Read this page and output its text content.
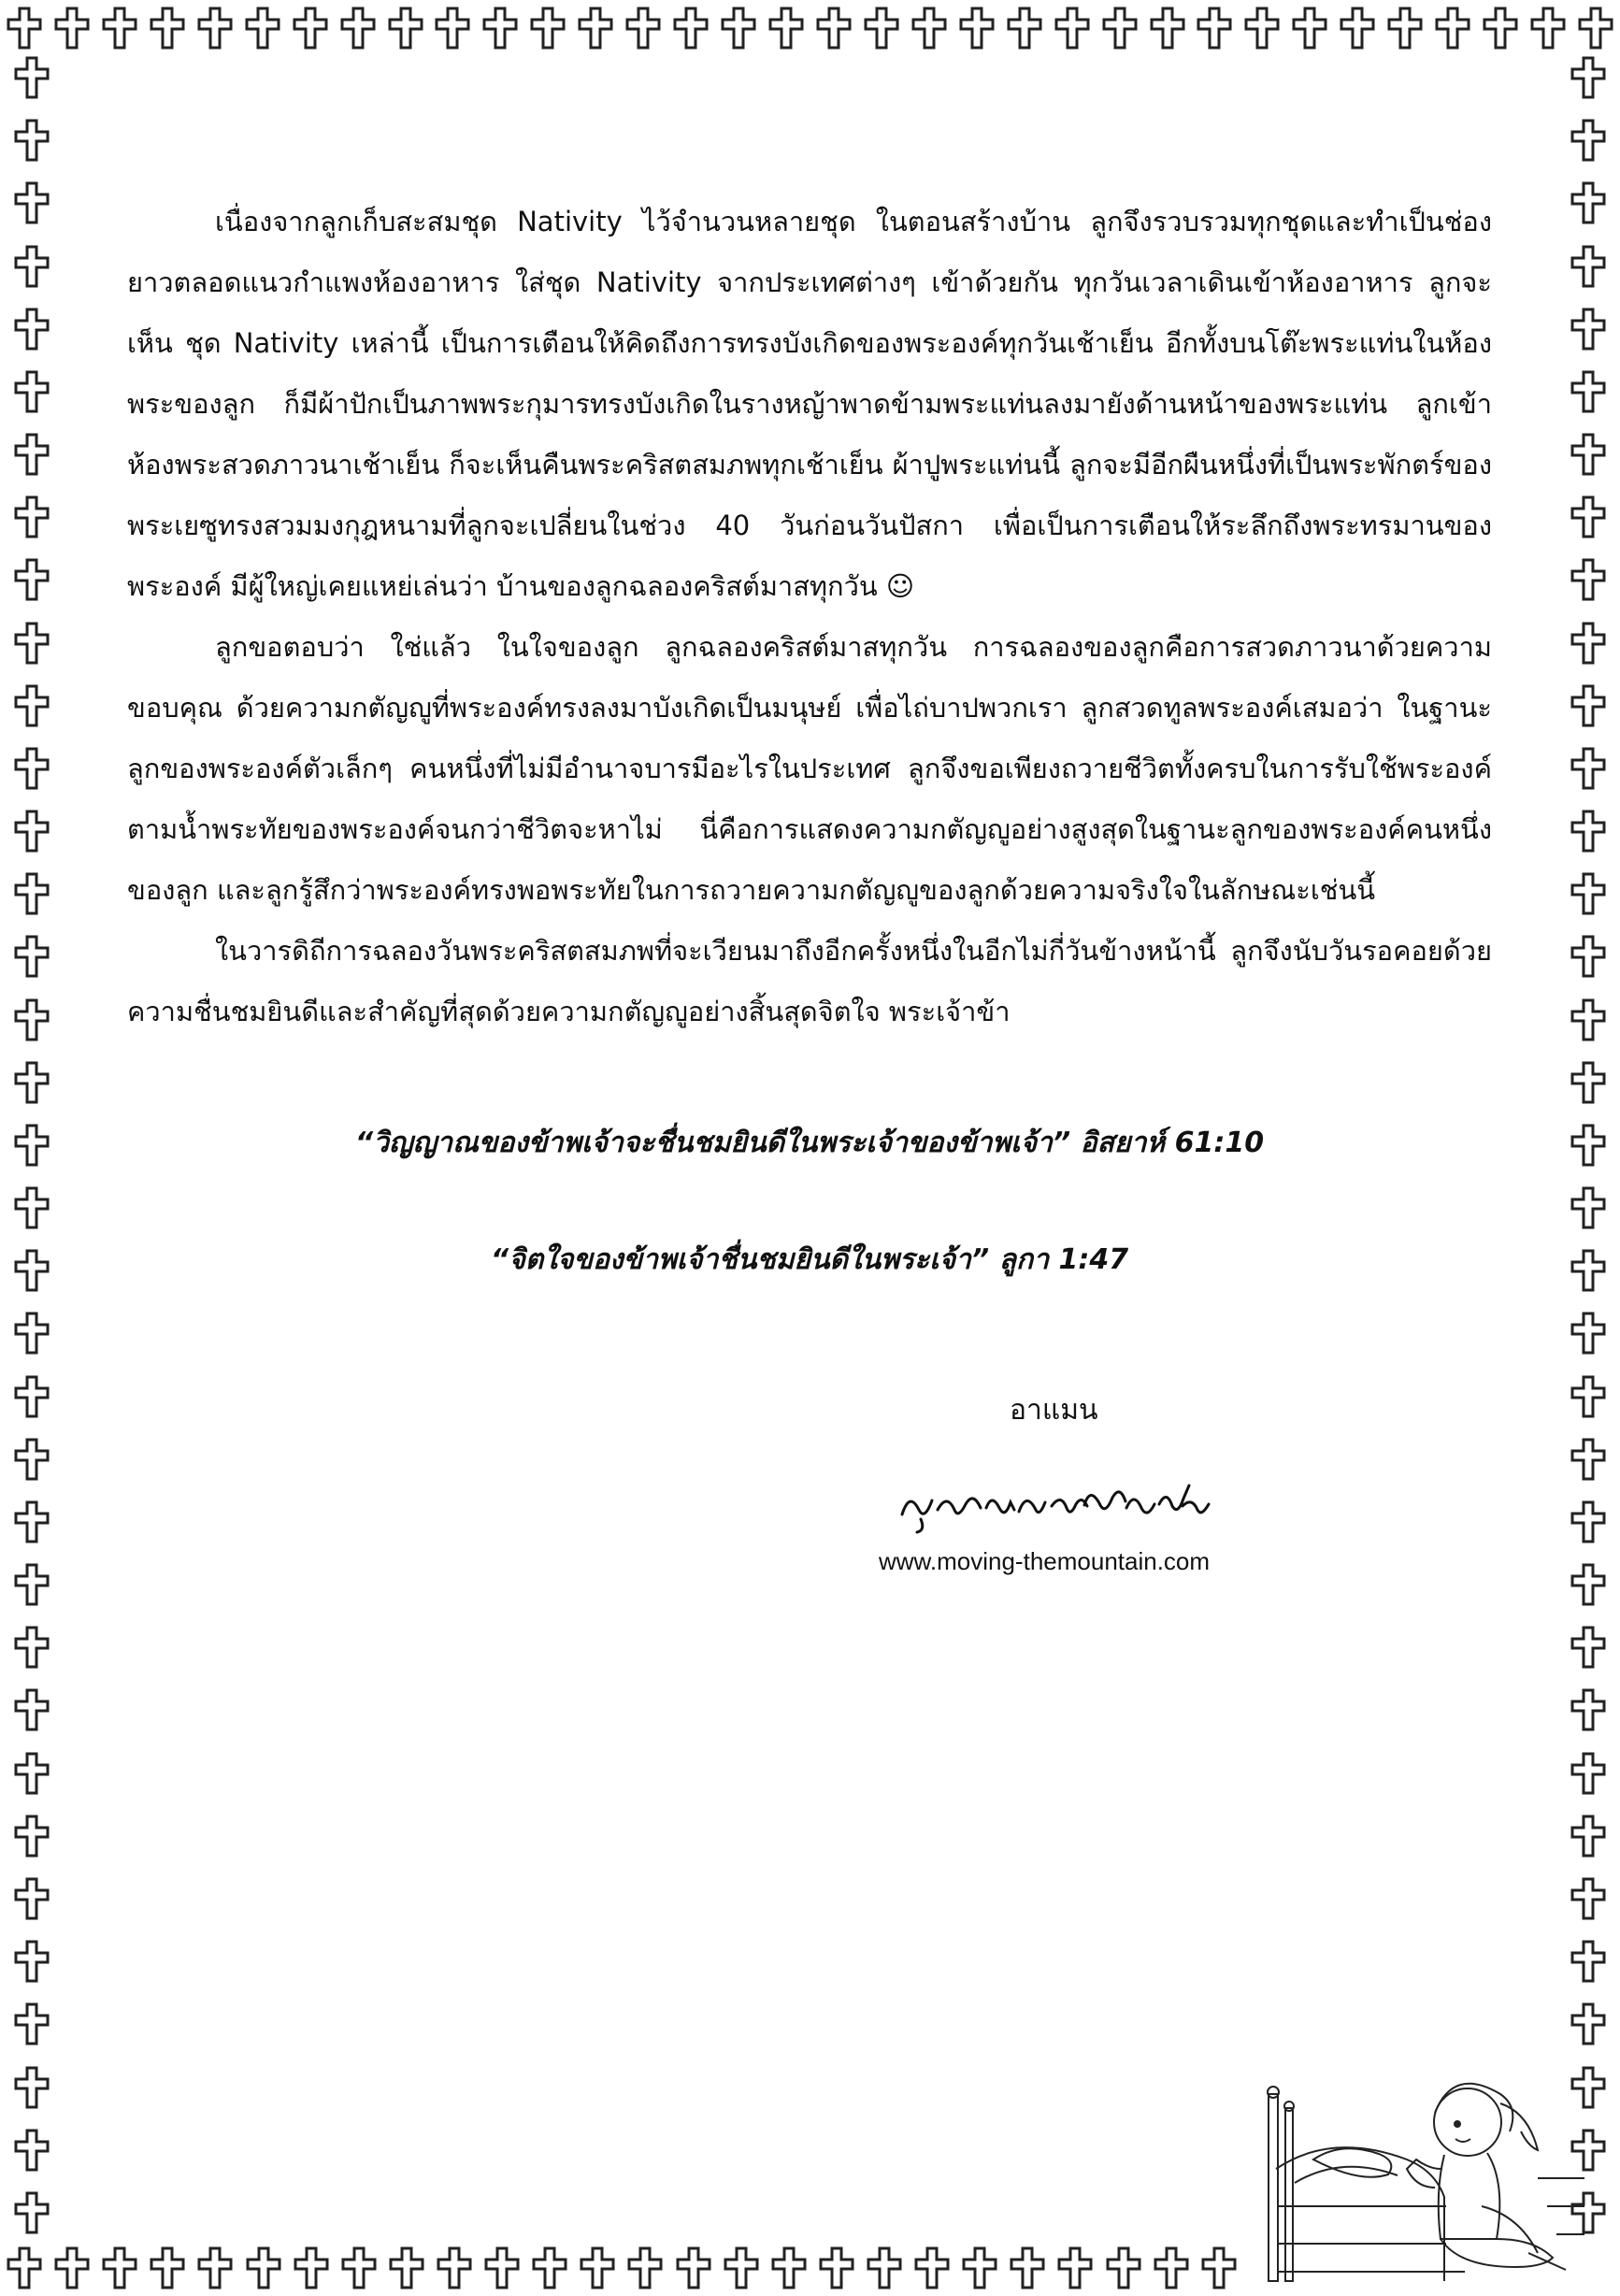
เนื่องจากลูกเก็บสะสมชุด Nativity ไว้จำนวนหลายชุด ในตอนสร้างบ้าน ลูกจึงรวบรวมทุกชุดและทำเป็นช่องยาวตลอดแนวกำแพงห้องอาหาร ใส่ชุด Nativity จากประเทศต่างๆ เข้าด้วยกัน ทุกวันเวลาเดินเข้าห้องอาหาร ลูกจะเห็น ชุด Nativity เหล่านี้ เป็นการเตือนให้คิดถึงการทรงบังเกิดของพระองค์ทุกวันเช้าเย็น อีกทั้งบนโต๊ะพระแท่นในห้องพระของลูก ก็มีผ้าปักเป็นภาพพระกุมารทรงบังเกิดในรางหญ้าพาดข้ามพระแท่นลงมายังด้านหน้าของพระแท่น ลูกเข้าห้องพระสวดภาวนาเช้าเย็น ก็จะเห็นคืนพระคริสตสมภพทุกเช้าเย็น ผ้าปูพระแท่นนี้ ลูกจะมีอีกผืนหนึ่งที่เป็นพระพักตร์ของพระเยซูทรงสวมมงกุฎหนามที่ลูกจะเปลี่ยนในช่วง 40 วันก่อนวันปัสกา เพื่อเป็นการเตือนให้ระลึกถึงพระทรมานของพระองค์ มีผู้ใหญ่เคยแหย่เล่นว่า บ้านของลูกฉลองคริสต์มาสทุกวัน ☺

ลูกขอตอบว่า ใช่แล้ว ในใจของลูก ลูกฉลองคริสต์มาสทุกวัน การฉลองของลูกคือการสวดภาวนาด้วยความขอบคุณ ด้วยความกตัญญูที่พระองค์ทรงลงมาบังเกิดเป็นมนุษย์ เพื่อไถ่บาปพวกเรา ลูกสวดทูลพระองค์เสมอว่า ในฐานะลูกของพระองค์ตัวเล็กๆ คนหนึ่งที่ไม่มีอำนาจบารมีอะไรในประเทศ ลูกจึงขอเพียงถวายชีวิตทั้งครบในการรับใช้พระองค์ตามน้ำพระทัยของพระองค์จนกว่าชีวิตจะหาไม่ นี่คือการแสดงความกตัญญูอย่างสูงสุดในฐานะลูกของพระองค์คนหนึ่งของลูก และลูกรู้สึกว่าพระองค์ทรงพอพระทัยในการถวายความกตัญญูของลูกด้วยความจริงใจในลักษณะเช่นนี้

ในวารดิถีการฉลองวันพระคริสตสมภพที่จะเวียนมาถึงอีกครั้งหนึ่งในอีกไม่กี่วันข้างหน้านี้ ลูกจึงนับวันรอคอยด้วยความชื่นชมยินดีและสำคัญที่สุดด้วยความกตัญญูอย่างสิ้นสุดจิตใจ พระเจ้าข้า

“วิญญาณของข้าพเจ้าจะชื่นชมยินดีในพระเจ้าของข้าพเจ้า” อิสยาห์ 61:10

“จิตใจของข้าพเจ้าชื่นชมยินดีในพระเจ้า” ลูกา 1:47

อาแมน
www.moving-themountain.com
